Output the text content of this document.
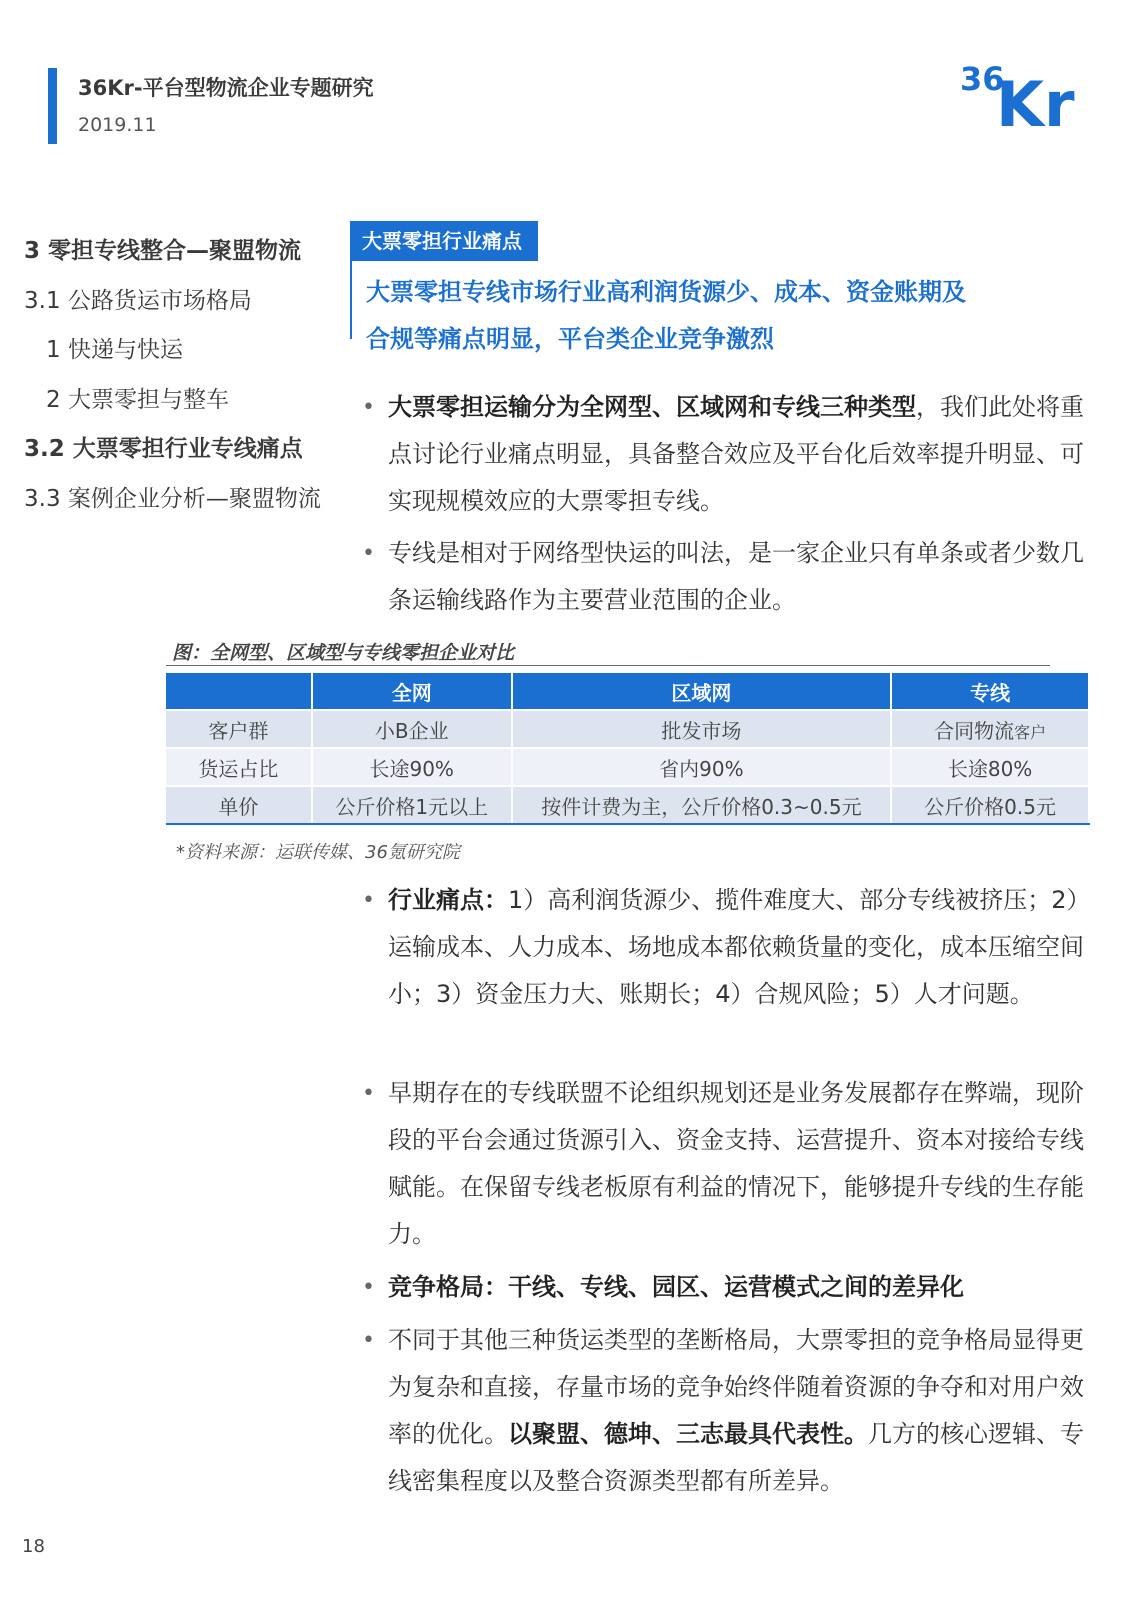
36Kr-平台型物流企业专题研究
2019.11
36
Kr
3 零担专线整合—聚盟物流
3.1 公路货运市场格局
1 快递与快运
2 大票零担与整车
3.2 大票零担行业专线痛点
3.3 案例企业分析—聚盟物流
大票零担行业痛点
大票零担专线市场行业高利润货源少、成本、资金账期及
合规等痛点明显，平台类企业竞争激烈

• 大票零担运输分为全网型、区域网和专线三种类型，我们此处将重点讨论行业痛点明显，具备整合效应及平台化后效率提升明显、可实现规模效应的大票零担专线。

• 专线是相对于网络型快运的叫法，是一家企业只有单条或者少数几条运输线路作为主要营业范围的企业。

图：全网型、区域型与专线零担企业对比
	全网	区域网	专线
客户群	小B企业	批发市场	合同物流客户
货运占比	长途90%	省内90%	长途80%
单价	公斤价格1元以上	按件计费为主，公斤价格0.3~0.5元	公斤价格0.5元
*资料来源：运联传媒、36氪研究院

• 行业痛点：1）高利润货源少、揽件难度大、部分专线被挤压；2）运输成本、人力成本、场地成本都依赖货量的变化，成本压缩空间小；3）资金压力大、账期长；4）合规风险；5）人才问题。

• 早期存在的专线联盟不论组织规划还是业务发展都存在弊端，现阶段的平台会通过货源引入、资金支持、运营提升、资本对接给专线赋能。在保留专线老板原有利益的情况下，能够提升专线的生存能力。

• 竞争格局：干线、专线、园区、运营模式之间的差异化

• 不同于其他三种货运类型的垄断格局，大票零担的竞争格局显得更为复杂和直接，存量市场的竞争始终伴随着资源的争夺和对用户效率的优化。以聚盟、德坤、三志最具代表性。几方的核心逻辑、专线密集程度以及整合资源类型都有所差异。

18
